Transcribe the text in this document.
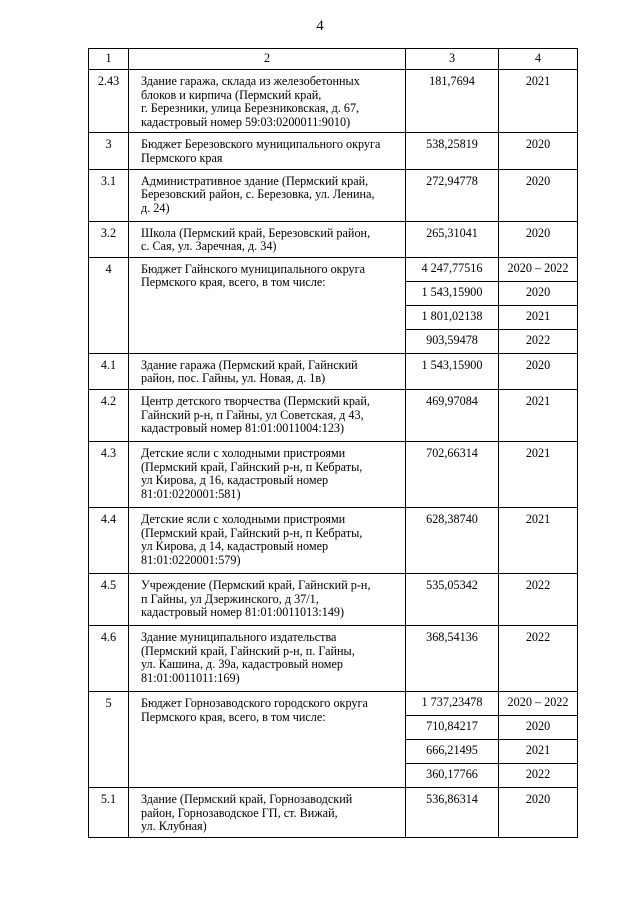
4
1	2	3	4
2.43	Здание гаража, склада из железобетонных
блоков и кирпича (Пермский край,
г. Березники, улица Березниковская, д. 67,
кадастровый номер 59:03:0200011:9010)	181,7694	2021
3	Бюджет Березовского муниципального округа
Пермского края	538,25819	2020
3.1	Административное здание (Пермский край,
Березовский район, с. Березовка, ул. Ленина,
д. 24)	272,94778	2020
3.2	Школа (Пермский край, Березовский район,
с. Сая, ул. Заречная, д. 34)	265,31041	2020
4	Бюджет Гайнского муниципального округа
Пермского края, всего, в том числе:	4 247,77516	2020 – 2022
		1 543,15900	2020
		1 801,02138	2021
		903,59478	2022
4.1	Здание гаража (Пермский край, Гайнский
район, пос. Гайны, ул. Новая, д. 1в)	1 543,15900	2020
4.2	Центр детского творчества (Пермский край,
Гайнский р-н, п Гайны, ул Советская, д 43,
кадастровый номер 81:01:0011004:123)	469,97084	2021
4.3	Детские ясли с холодными пристроями
(Пермский край, Гайнский р-н, п Кебраты,
ул Кирова, д 16, кадастровый номер
81:01:0220001:581)	702,66314	2021
4.4	Детские ясли с холодными пристроями
(Пермский край, Гайнский р-н, п Кебраты,
ул Кирова, д 14, кадастровый номер
81:01:0220001:579)	628,38740	2021
4.5	Учреждение (Пермский край, Гайнский р-н,
п Гайны, ул Дзержинского, д 37/1,
кадастровый номер 81:01:0011013:149)	535,05342	2022
4.6	Здание муниципального издательства
(Пермский край, Гайнский р-н, п. Гайны,
ул. Кашина, д. 39а, кадастровый номер
81:01:0011011:169)	368,54136	2022
5	Бюджет Горнозаводского городского округа
Пермского края, всего, в том числе:	1 737,23478	2020 – 2022
		710,84217	2020
		666,21495	2021
		360,17766	2022
5.1	Здание (Пермский край, Горнозаводский
район, Горнозаводское ГП, ст. Вижай,
ул. Клубная)	536,86314	2020
